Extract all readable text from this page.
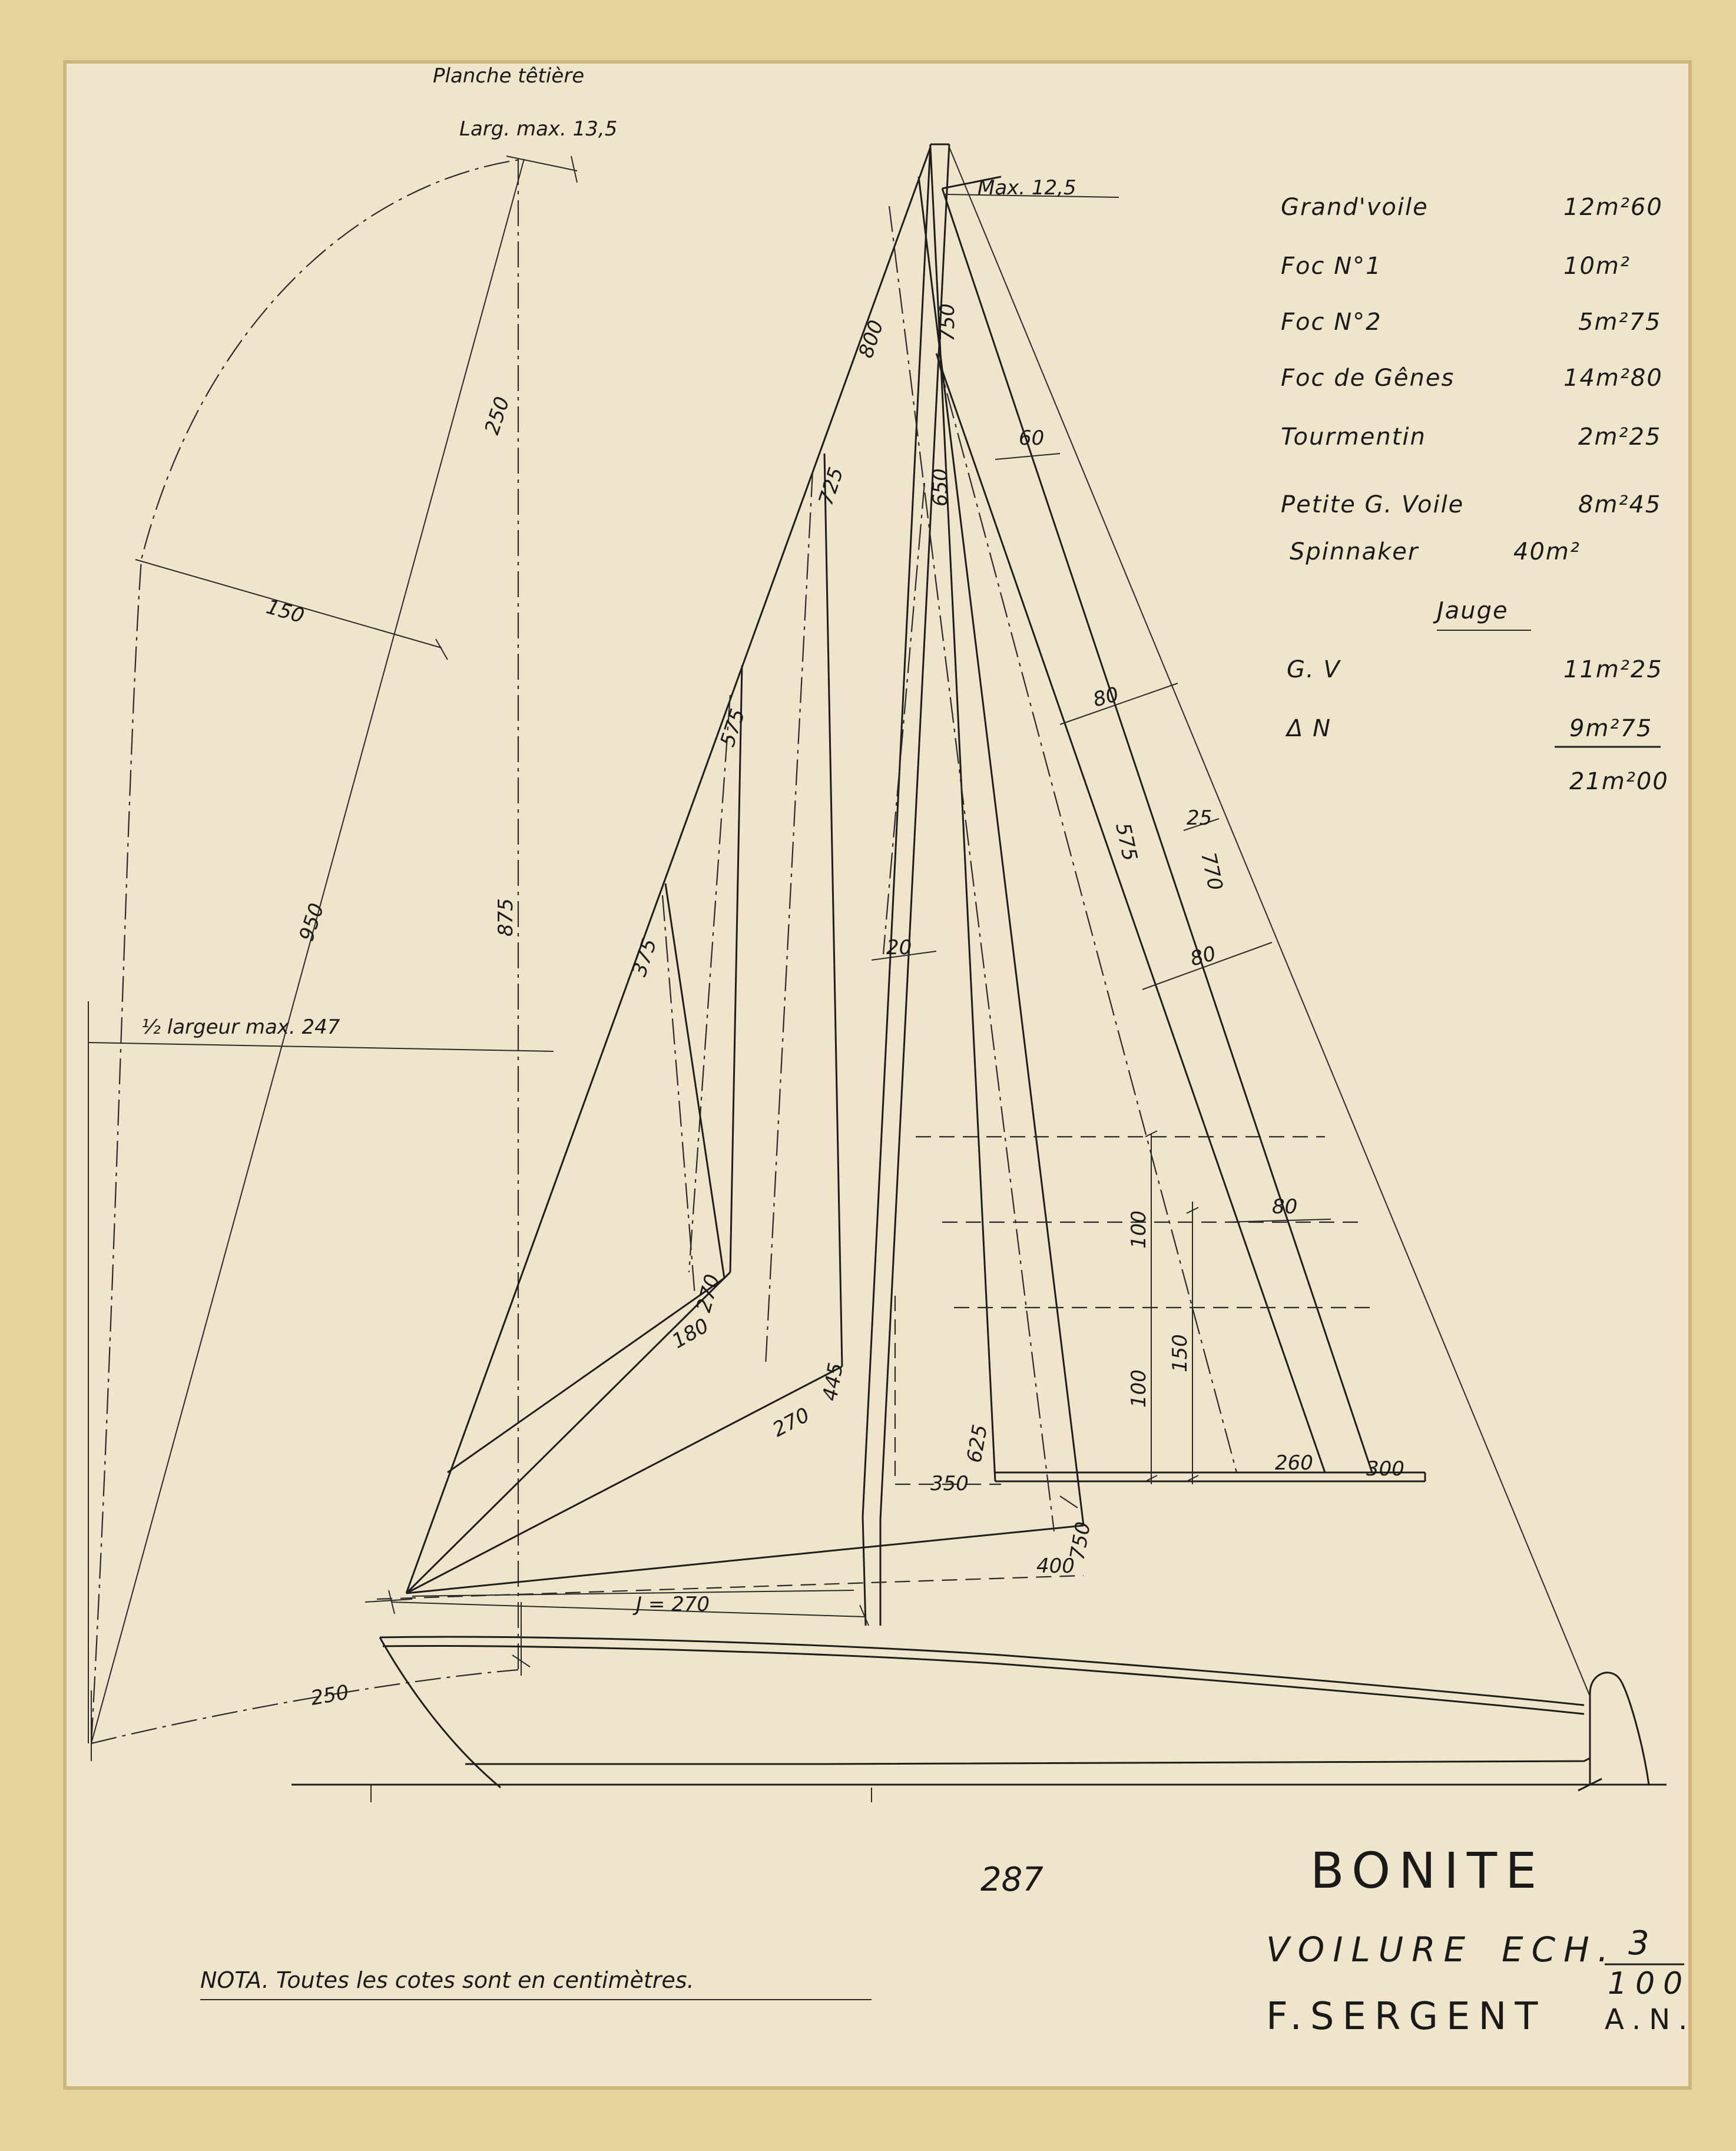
Planche têtière
Larg. max. 13,5
Max. 12,5
750
800
650
60
725
80
575
575
25
770
80
20
375
80
100
100
150
270
180
445
270
625
350
260	300
400
750
J = 270
250
150
950	875
½ largeur max. 247
250
Grand'voile	12m²60
Foc N°1	10m²
Foc N°2	5m²75
Foc de Gênes	14m²80
Tourmentin	2m²25
Petite G. Voile	8m²45
Spinnaker	40m²
Jauge
G. V	11m²25
Δ N	9m²75
21m²00
NOTA. Toutes les cotes sont en centimètres.
287	BONITE
VOILURE ECH. 3
100
F.SERGENT A.N.
